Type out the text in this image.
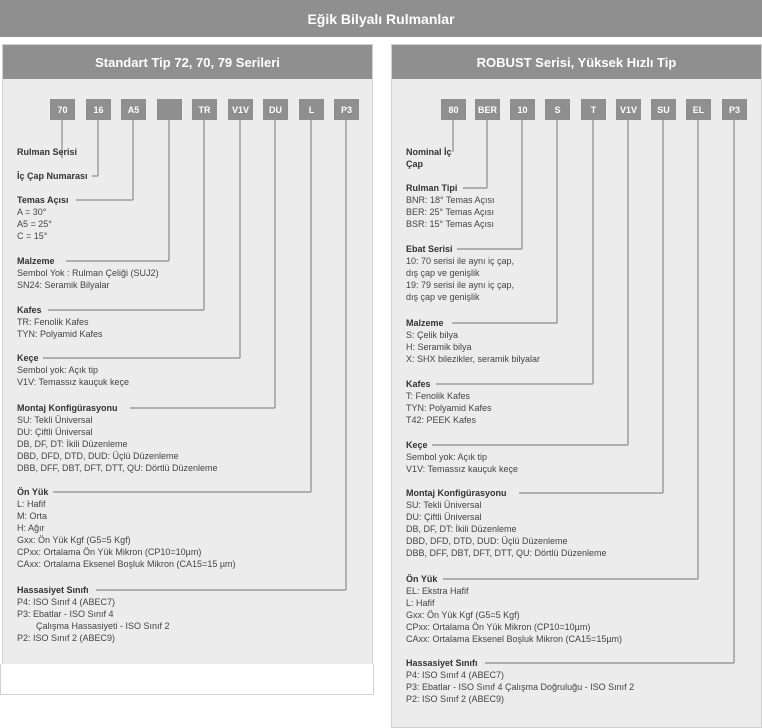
Eğik Bilyalı Rulmanlar
Standart Tip 72, 70, 79 Serileri	ROBUST Serisi, Yüksek Hızlı Tip
70	16	A5	TR	V1V	DU	L	P3	80	BER	10	S	T	V1V	SU	EL	P3
Rulman Serisi
İç Çap Numarası
Temas Açısı
A = 30°
A5 = 25°
C = 15°
Malzeme
Sembol Yok : Rulman Çeliği (SUJ2)
SN24: Seramik Bilyalar
Kafes
TR: Fenolik Kafes
TYN: Polyamid Kafes
Keçe
Sembol yok: Açık tip
V1V: Temassız kauçuk keçe
Montaj Konfigürasyonu
SU: Tekli Üniversal
DU: Çiftli Üniversal
DB, DF, DT: İkili Düzenleme
DBD, DFD, DTD, DUD: Üçlü Düzenleme
DBB, DFF, DBT, DFT, DTT, QU: Dörtlü Düzenleme
Ön Yük
L: Hafif
M: Orta
H: Ağır
Gxx: Ön Yük Kgf (G5=5 Kgf)
CPxx: Ortalama Ön Yük Mikron (CP10=10µm)
CAxx: Ortalama Eksenel Boşluk Mikron (CA15=15 µm)
Hassasiyet Sınıfı
P4: ISO Sınıf 4 (ABEC7)
P3: Ebatlar - ISO Sınıf 4
Çalışma Hassasiyeti - ISO Sınıf 2
P2: ISO Sınıf 2 (ABEC9)
Nominal İç
Çap
Rulman Tipi
BNR: 18° Temas Açısı
BER: 25° Temas Açısı
BSR: 15° Temas Açısı
Ebat Serisi
10: 70 serisi ile aynı iç çap,
dış çap ve genişlik
19: 79 serisi ile aynı iç çap,
dış çap ve genişlik
Malzeme
S: Çelik bilya
H: Seramik bilya
X: SHX bilezikler, seramik bilyalar
Kafes
T: Fenolik Kafes
TYN: Polyamid Kafes
T42: PEEK Kafes
Keçe
Sembol yok: Açık tip
V1V: Temassız kauçuk keçe
Montaj Konfigürasyonu
SU: Tekli Üniversal
DU: Çiftli Üniversal
DB, DF, DT: İkili Düzenleme
DBD, DFD, DTD, DUD: Üçlü Düzenleme
DBB, DFF, DBT, DFT, DTT, QU: Dörtlü Düzenleme
Ön Yük
EL: Ekstra Hafif
L: Hafif
Gxx: Ön Yük Kgf (G5=5 Kgf)
CPxx: Ortalama Ön Yük Mikron (CP10=10µm)
CAxx: Ortalama Eksenel Boşluk Mikron (CA15=15µm)
Hassasiyet Sınıfı
P4: ISO Sınıf 4 (ABEC7)
P3: Ebatlar - ISO Sınıf 4 Çalışma Doğruluğu - ISO Sınıf 2
P2: ISO Sınıf 2 (ABEC9)
